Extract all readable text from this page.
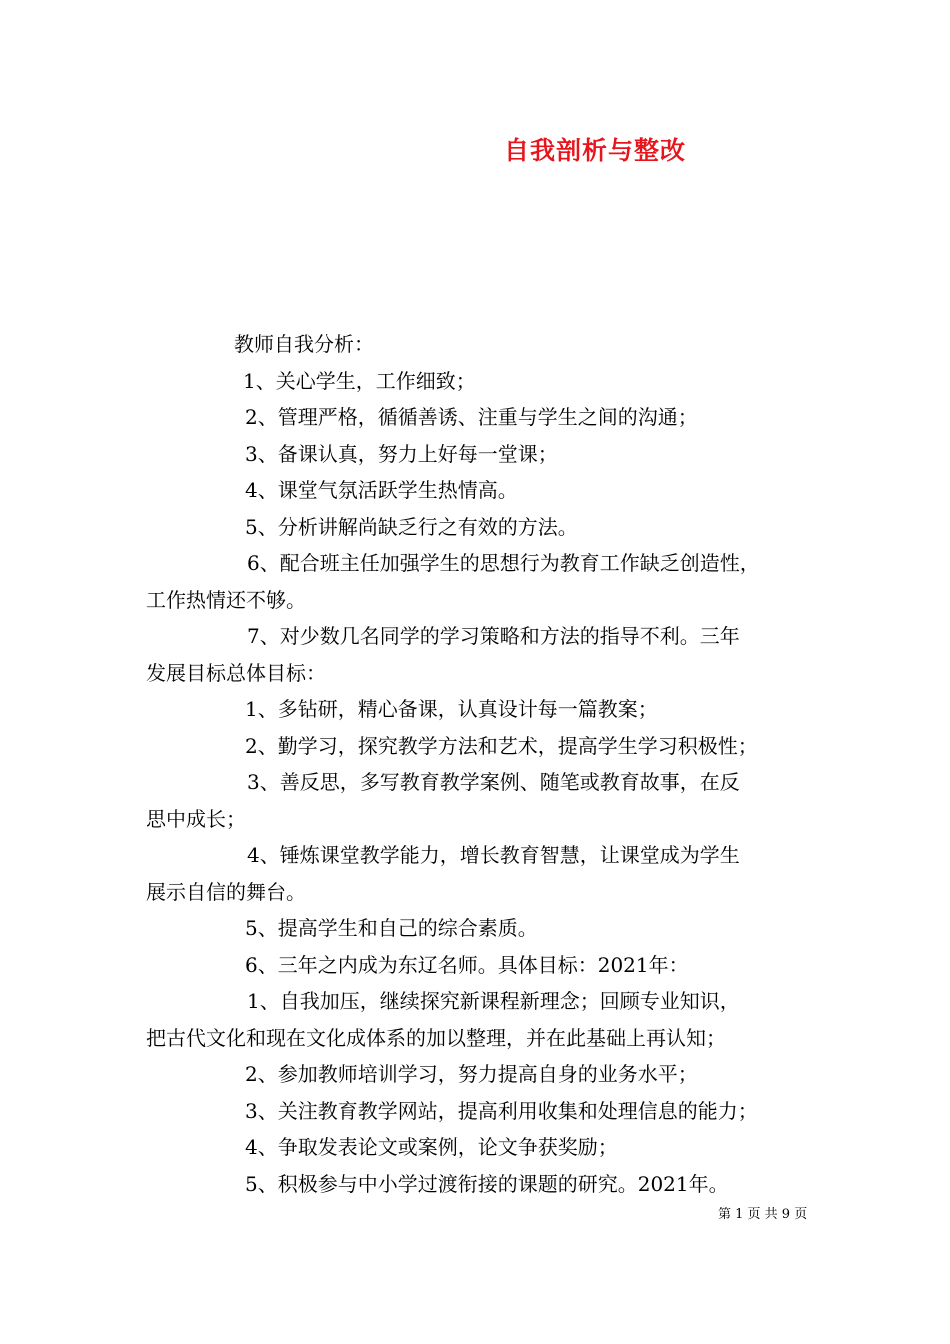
自我剖析与整改
教师自我分析：
1、关心学生，工作细致；
2、管理严格，循循善诱、注重与学生之间的沟通；
3、备课认真，努力上好每一堂课；
4、课堂气氛活跃学生热情高。
5、分析讲解尚缺乏行之有效的方法。
6、配合班主任加强学生的思想行为教育工作缺乏创造性，
工作热情还不够。
7、对少数几名同学的学习策略和方法的指导不利。三年
发展目标总体目标：
1、多钻研，精心备课，认真设计每一篇教案；
2、勤学习，探究教学方法和艺术，提高学生学习积极性；
3、善反思，多写教育教学案例、随笔或教育故事，在反
思中成长；
4、锤炼课堂教学能力，增长教育智慧，让课堂成为学生
展示自信的舞台。
5、提高学生和自己的综合素质。
6、三年之内成为东辽名师。具体目标：2021年：
1、自我加压，继续探究新课程新理念；回顾专业知识，
把古代文化和现在文化成体系的加以整理，并在此基础上再认知；
2、参加教师培训学习，努力提高自身的业务水平；
3、关注教育教学网站，提高利用收集和处理信息的能力；
4、争取发表论文或案例，论文争获奖励；
5、积极参与中小学过渡衔接的课题的研究。2021年。
第 1 页 共 9 页
